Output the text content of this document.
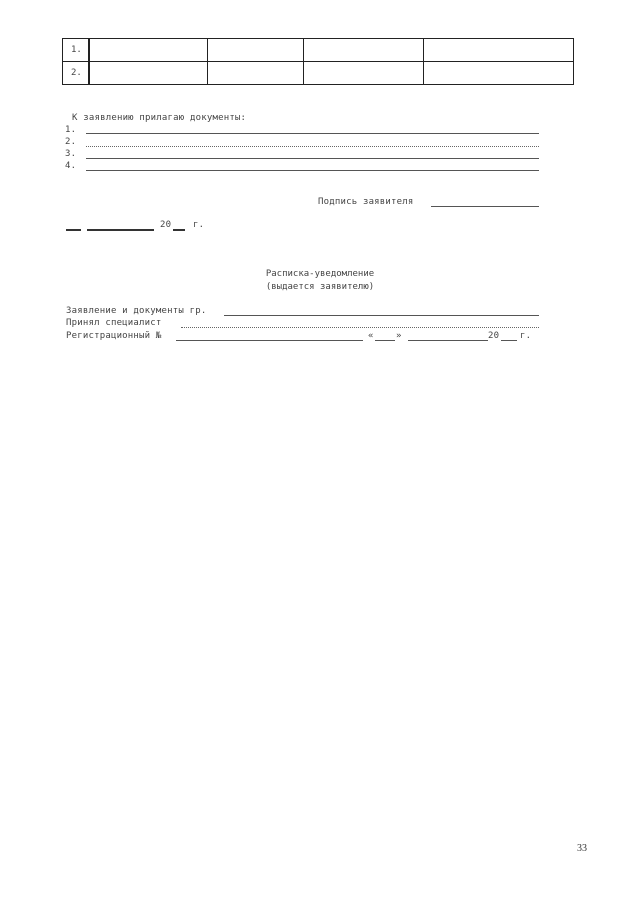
1.				
2.				
К заявлению прилагаю документы:
1.
2.
3.
4.
Подпись заявителя
20 г.
Расписка-уведомление
(выдается заявителю)
Заявление и документы гр.
Принял специалист
Регистрационный №	« »	20 г.
33
